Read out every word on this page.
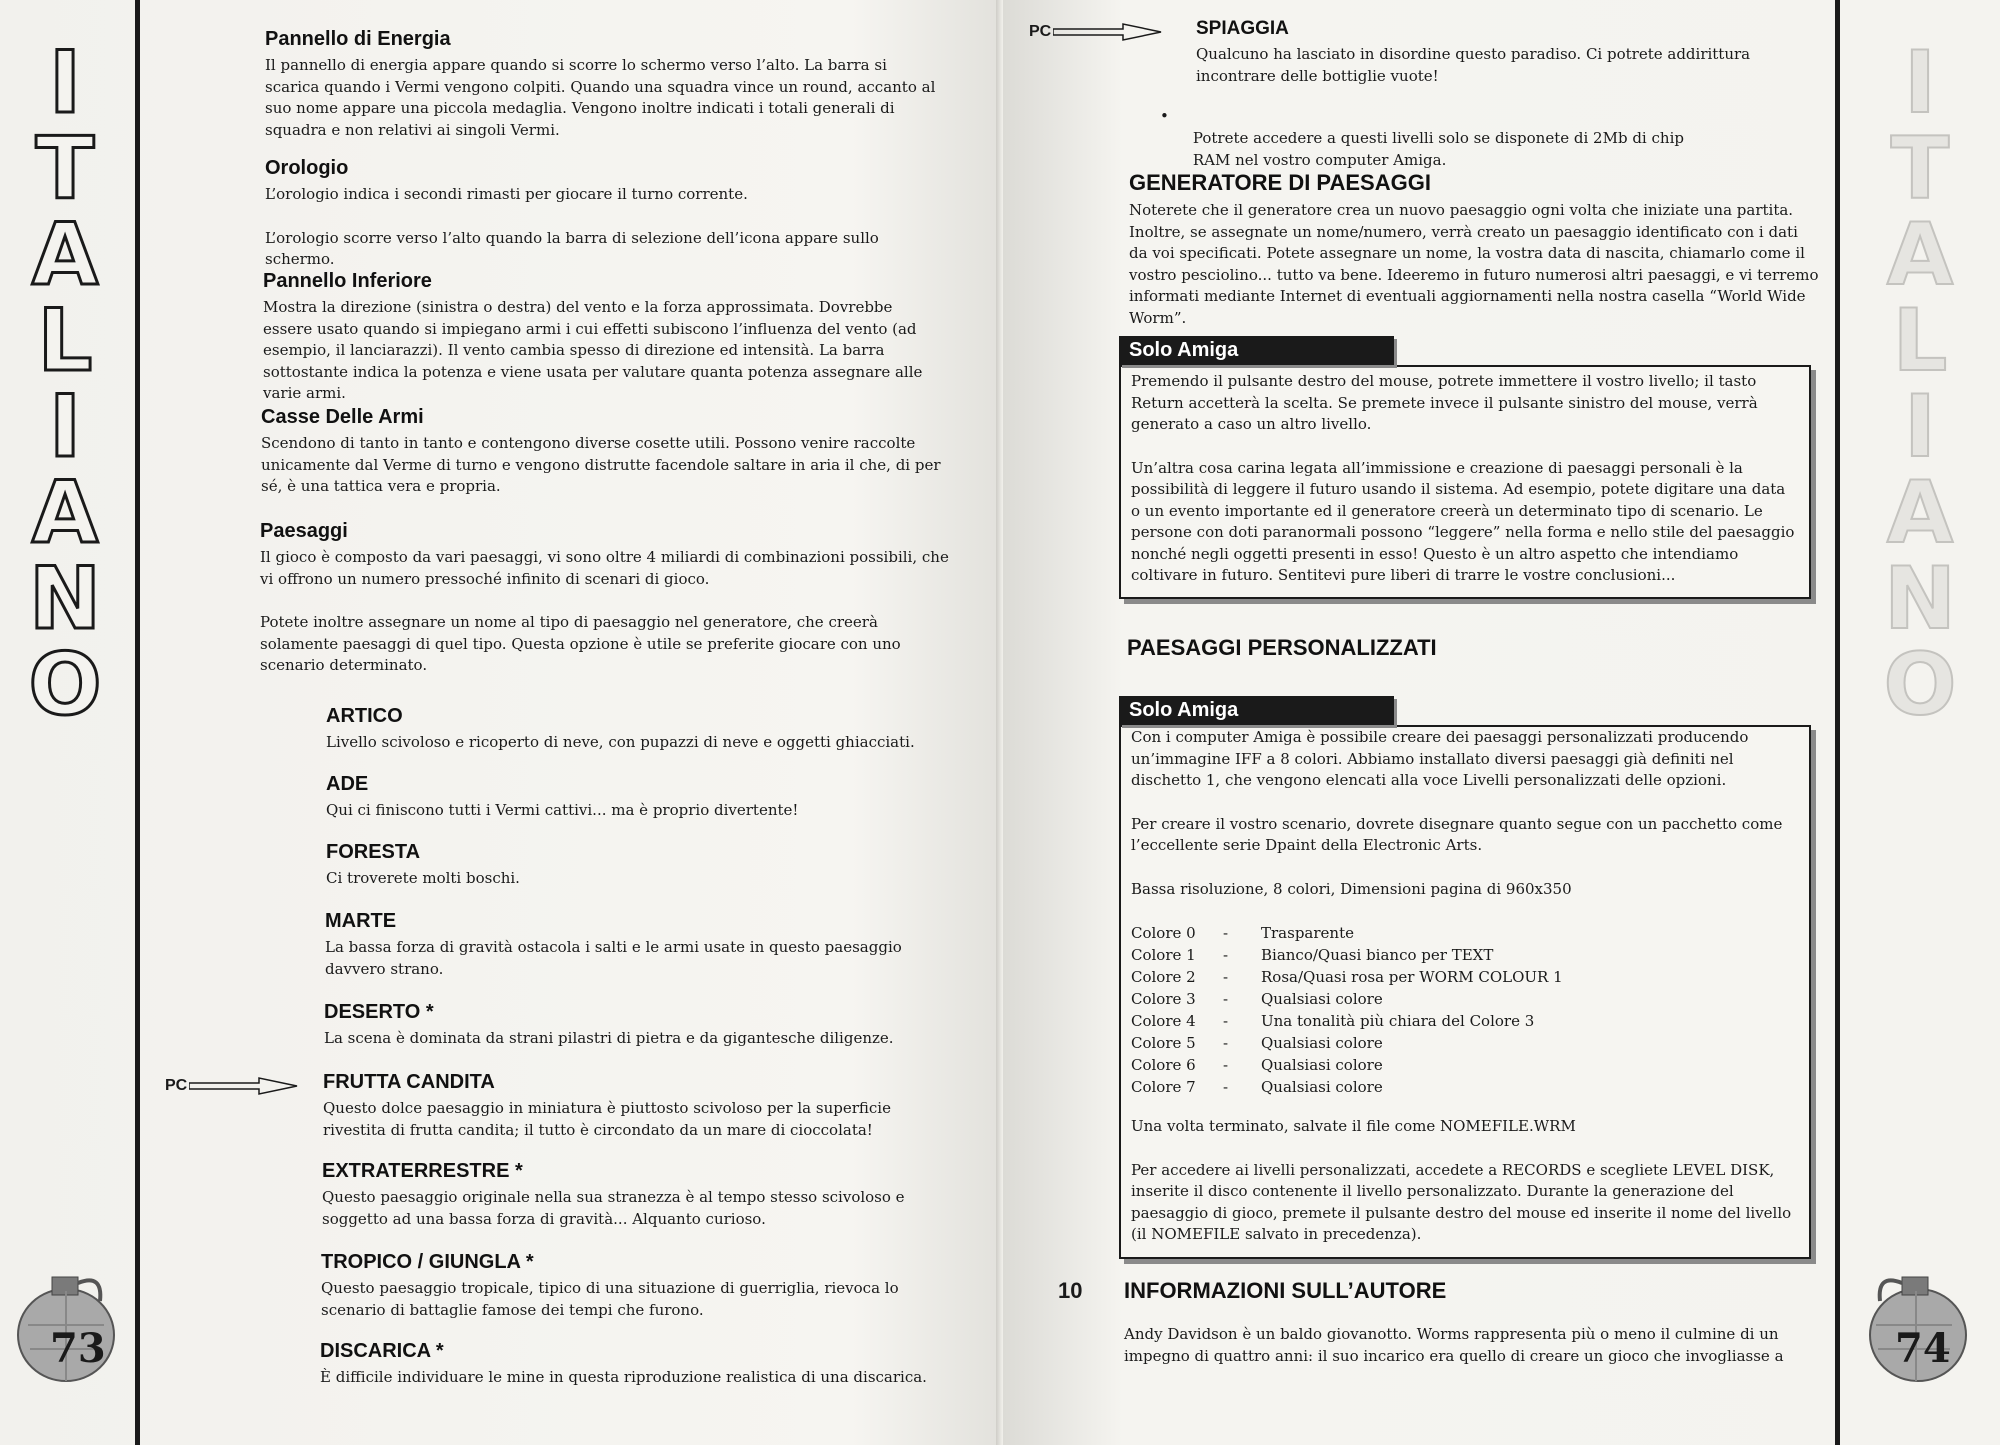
I
T
A
L
I
A
N
O
73
Pannello di Energia

Il pannello di energia appare quando si scorre lo schermo verso l’alto. La barra si scarica quando i Vermi vengono colpiti. Quando una squadra vince un round, accanto al suo nome appare una piccola medaglia. Vengono inoltre indicati i totali generali di squadra e non relativi ai singoli Vermi.

Orologio

L’orologio indica i secondi rimasti per giocare il turno corrente.

L’orologio scorre verso l’alto quando la barra di selezione dell’icona appare sullo schermo.

Pannello Inferiore

Mostra la direzione (sinistra o destra) del vento e la forza approssimata. Dovrebbe essere usato quando si impiegano armi i cui effetti subiscono l’influenza del vento (ad esempio, il lanciarazzi). Il vento cambia spesso di direzione ed intensità. La barra sottostante indica la potenza e viene usata per valutare quanta potenza assegnare alle varie armi.

Casse Delle Armi

Scendono di tanto in tanto e contengono diverse cosette utili. Possono venire raccolte unicamente dal Verme di turno e vengono distrutte facendole saltare in aria il che, di per sé, è una tattica vera e propria.

Paesaggi

Il gioco è composto da vari paesaggi, vi sono oltre 4 miliardi di combinazioni possibili, che vi offrono un numero pressoché infinito di scenari di gioco.

Potete inoltre assegnare un nome al tipo di paesaggio nel generatore, che creerà solamente paesaggi di quel tipo. Questa opzione è utile se preferite giocare con uno scenario determinato.

ARTICO

Livello scivoloso e ricoperto di neve, con pupazzi di neve e oggetti ghiacciati.

ADE

Qui ci finiscono tutti i Vermi cattivi... ma è proprio divertente!

FORESTA

Ci troverete molti boschi.

MARTE

La bassa forza di gravità ostacola i salti e le armi usate in questo paesaggio davvero strano.

DESERTO *

La scena è dominata da strani pilastri di pietra e da gigantesche diligenze.

PC	FRUTTA CANDITA

Questo dolce paesaggio in miniatura è piuttosto scivoloso per la superficie rivestita di frutta candita; il tutto è circondato da un mare di cioccolata!

EXTRATERRESTRE *

Questo paesaggio originale nella sua stranezza è al tempo stesso scivoloso e soggetto ad una bassa forza di gravità... Alquanto curioso.

TROPICO / GIUNGLA *

Questo paesaggio tropicale, tipico di una situazione di guerriglia, rievoca lo scenario di battaglie famose dei tempi che furono.

DISCARICA *

È difficile individuare le mine in questa riproduzione realistica di una discarica.

PC	SPIAGGIA

Qualcuno ha lasciato in disordine questo paradiso. Ci potrete addirittura incontrare delle bottiglie vuote!

•

Potrete accedere a questi livelli solo se disponete di 2Mb di chip RAM nel vostro computer Amiga.

GENERATORE DI PAESAGGI

Noterete che il generatore crea un nuovo paesaggio ogni volta che iniziate una partita. Inoltre, se assegnate un nome/numero, verrà creato un paesaggio identificato con i dati da voi specificati. Potete assegnare un nome, la vostra data di nascita, chiamarlo come il vostro pesciolino... tutto va bene. Ideeremo in futuro numerosi altri paesaggi, e vi terremo informati mediante Internet di eventuali aggiornamenti nella nostra casella “World Wide Worm”.

Premendo il pulsante destro del mouse, potrete immettere il vostro livello; il tasto Return accetterà la scelta. Se premete invece il pulsante sinistro del mouse, verrà generato a caso un altro livello.

Un’altra cosa carina legata all’immissione e creazione di paesaggi personali è la possibilità di leggere il futuro usando il sistema. Ad esempio, potete digitare una data o un evento importante ed il generatore creerà un determinato tipo di scenario. Le persone con doti paranormali possono “leggere” nella forma e nello stile del paesaggio nonché negli oggetti presenti in esso! Questo è un altro aspetto che intendiamo coltivare in futuro. Sentitevi pure liberi di trarre le vostre conclusioni...

Solo Amiga
PAESAGGI PERSONALIZZATI

Con i computer Amiga è possibile creare dei paesaggi personalizzati producendo un’immagine IFF a 8 colori. Abbiamo installato diversi paesaggi già definiti nel dischetto 1, che vengono elencati alla voce Livelli personalizzati delle opzioni.

Per creare il vostro scenario, dovrete disegnare quanto segue con un pacchetto come l’eccellente serie Dpaint della Electronic Arts.

Bassa risoluzione, 8 colori, Dimensioni pagina di 960x350

Colore 0	-	Trasparente
Colore 1	-	Bianco/Quasi bianco per TEXT
Colore 2	-	Rosa/Quasi rosa per WORM COLOUR 1
Colore 3	-	Qualsiasi colore
Colore 4	-	Una tonalità più chiara del Colore 3
Colore 5	-	Qualsiasi colore
Colore 6	-	Qualsiasi colore
Colore 7	-	Qualsiasi colore

Una volta terminato, salvate il file come NOMEFILE.WRM

Per accedere ai livelli personalizzati, accedete a RECORDS e scegliete LEVEL DISK, inserite il disco contenente il livello personalizzato. Durante la generazione del paesaggio di gioco, premete il pulsante destro del mouse ed inserite il nome del livello (il NOMEFILE salvato in precedenza).

Solo Amiga
10 INFORMAZIONI SULL’AUTORE

Andy Davidson è un baldo giovanotto. Worms rappresenta più o meno il culmine di un impegno di quattro anni: il suo incarico era quello di creare un gioco che invogliasse a

I
T
A
L
I
A
N
O
74
